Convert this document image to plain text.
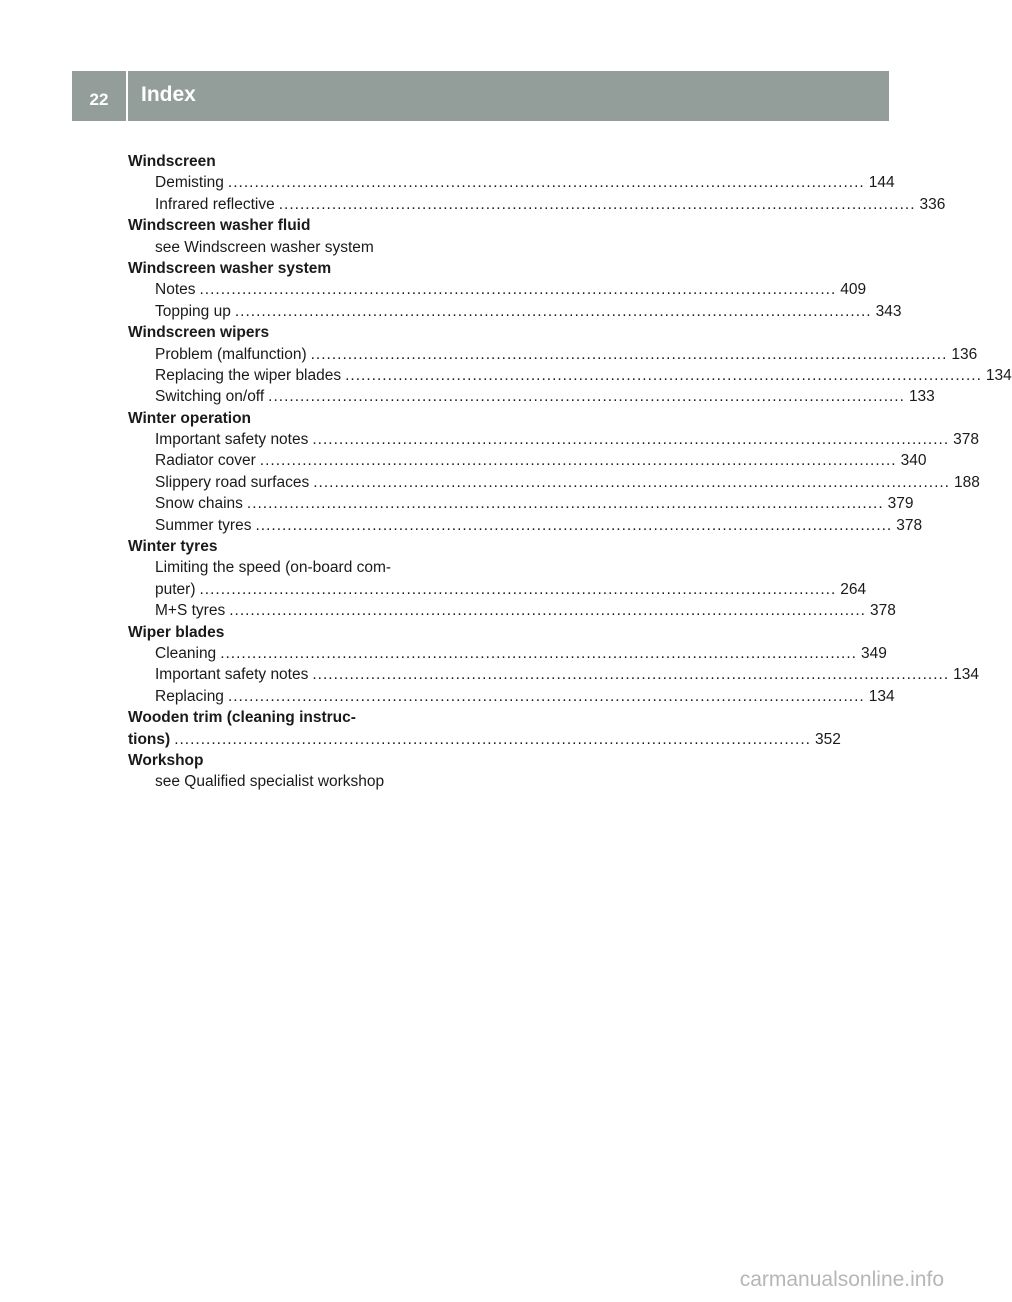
22	Index
Windscreen
Demisting ........................................................................................................................ 144
Infrared reflective ........................................................................................................................ 336
Windscreen washer fluid
see Windscreen washer system
Windscreen washer system
Notes ........................................................................................................................ 409
Topping up ........................................................................................................................ 343
Windscreen wipers
Problem (malfunction) ........................................................................................................................ 136
Replacing the wiper blades ........................................................................................................................ 134
Switching on/off ........................................................................................................................ 133
Winter operation
Important safety notes ........................................................................................................................ 378
Radiator cover ........................................................................................................................ 340
Slippery road surfaces ........................................................................................................................ 188
Snow chains ........................................................................................................................ 379
Summer tyres ........................................................................................................................ 378
Winter tyres
Limiting the speed (on-board com-
puter) ........................................................................................................................ 264
M+S tyres ........................................................................................................................ 378
Wiper blades
Cleaning ........................................................................................................................ 349
Important safety notes ........................................................................................................................ 134
Replacing ........................................................................................................................ 134
Wooden trim (cleaning instruc-
tions) ........................................................................................................................ 352
Workshop
see Qualified specialist workshop
carmanualsonline.info
